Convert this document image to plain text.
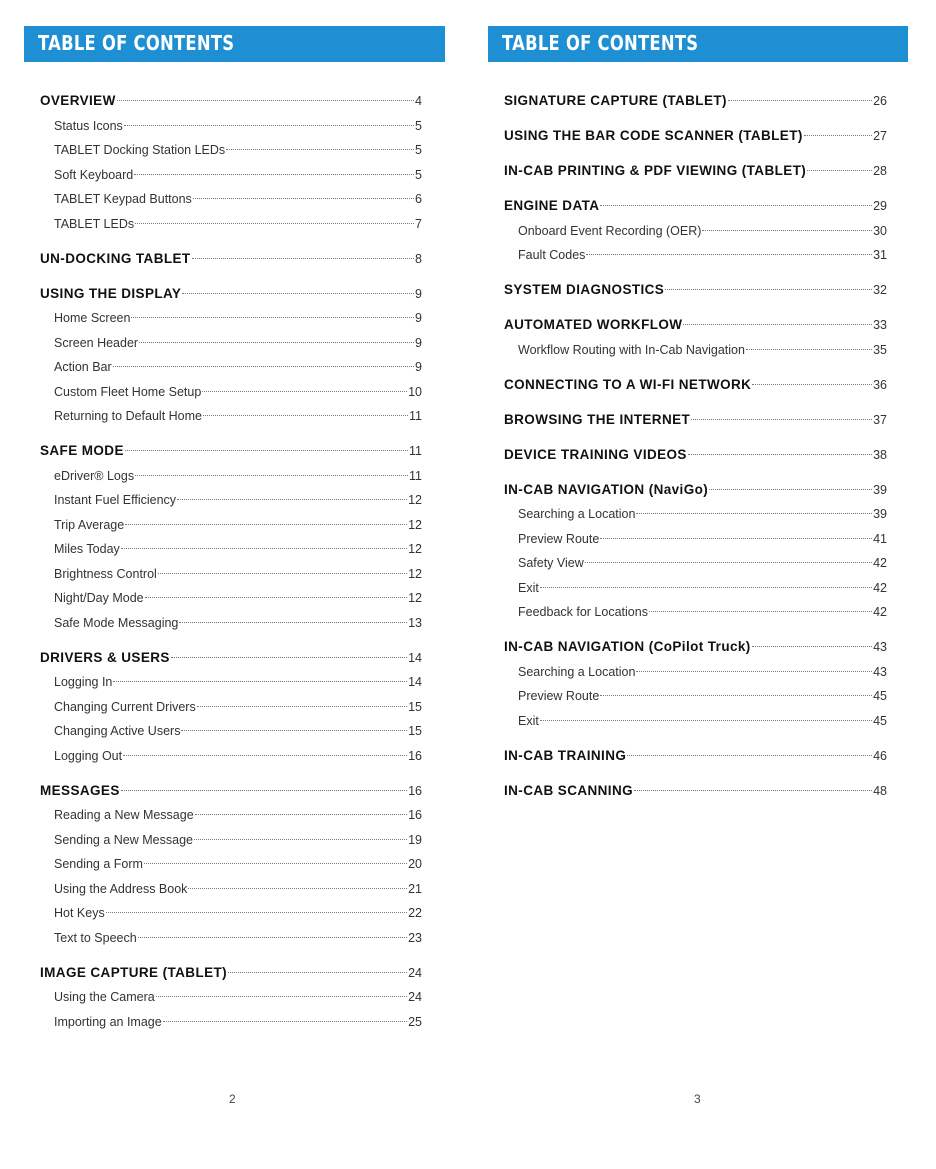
TABLE OF CONTENTS
OVERVIEW	4
Status Icons	5
TABLET Docking Station LEDs	5
Soft Keyboard	5
TABLET Keypad Buttons	6
TABLET LEDs	7
UN-DOCKING TABLET	8
USING THE DISPLAY	9
Home Screen	9
Screen Header	9
Action Bar	9
Custom Fleet Home Setup	10
Returning to Default Home	11
SAFE MODE	11
eDriver® Logs	11
Instant Fuel Efficiency	12
Trip Average	12
Miles Today	12
Brightness Control	12
Night/Day Mode	12
Safe Mode Messaging	13
DRIVERS & USERS	14
Logging In	14
Changing Current Drivers	15
Changing Active Users	15
Logging Out	16
MESSAGES	16
Reading a New Message	16
Sending a New Message	19
Sending a Form	20
Using the Address Book	21
Hot Keys	22
Text to Speech	23
IMAGE CAPTURE (TABLET)	24
Using the Camera	24
Importing an Image	25
2
TABLE OF CONTENTS
SIGNATURE CAPTURE (TABLET)	26
USING THE BAR CODE SCANNER (TABLET)	27
IN-CAB PRINTING & PDF VIEWING (TABLET)	28
ENGINE DATA	29
Onboard Event Recording (OER)	30
Fault Codes	31
SYSTEM DIAGNOSTICS	32
AUTOMATED WORKFLOW	33
Workflow Routing with In-Cab Navigation	35
CONNECTING TO A WI-FI NETWORK	36
BROWSING THE INTERNET	37
DEVICE TRAINING VIDEOS	38
IN-CAB NAVIGATION (NaviGo)	39
Searching a Location	39
Preview Route	41
Safety View	42
Exit	42
Feedback for Locations	42
IN-CAB NAVIGATION (CoPilot Truck)	43
Searching a Location	43
Preview Route	45
Exit	45
IN-CAB TRAINING	46
IN-CAB SCANNING	48
3
